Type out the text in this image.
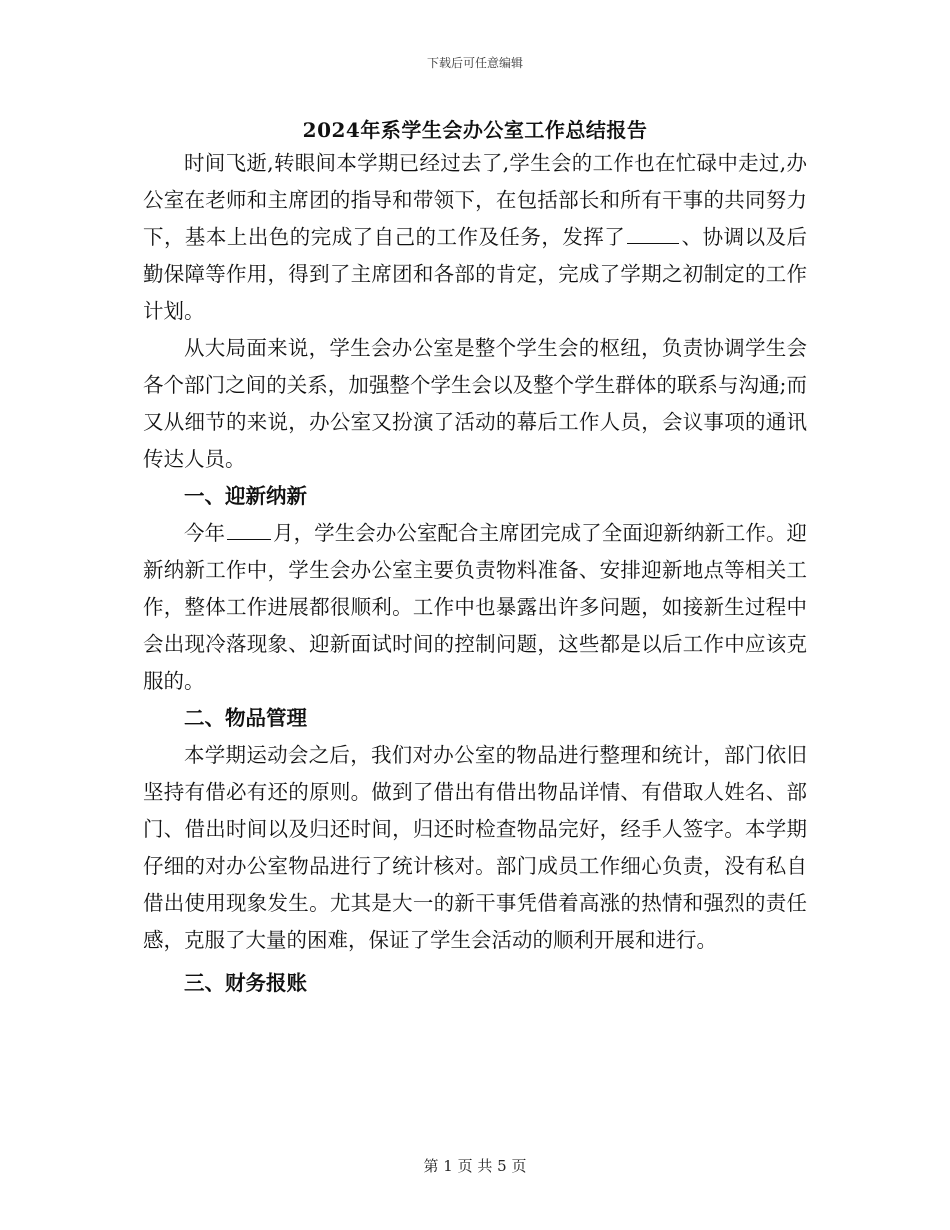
下载后可任意编辑
2024年系学生会办公室工作总结报告

时间飞逝,转眼间本学期已经过去了,学生会的工作也在忙碌中走过,办公室在老师和主席团的指导和带领下，在包括部长和所有干事的共同努力下，基本上出色的完成了自己的工作及任务，发挥了	、协调以及后勤保障等作用，得到了主席团和各部的肯定，完成了学期之初制定的工作计划。

从大局面来说，学生会办公室是整个学生会的枢纽，负责协调学生会各个部门之间的关系，加强整个学生会以及整个学生群体的联系与沟通;而又从细节的来说，办公室又扮演了活动的幕后工作人员，会议事项的通讯传达人员。

一、迎新纳新

今年 月，学生会办公室配合主席团完成了全面迎新纳新工作。迎新纳新工作中，学生会办公室主要负责物料准备、安排迎新地点等相关工作，整体工作进展都很顺利。工作中也暴露出许多问题，如接新生过程中会出现冷落现象、迎新面试时间的控制问题，这些都是以后工作中应该克服的。

二、物品管理

本学期运动会之后，我们对办公室的物品进行整理和统计，部门依旧坚持有借必有还的原则。做到了借出有借出物品详情、有借取人姓名、部门、借出时间以及归还时间，归还时检查物品完好，经手人签字。本学期仔细的对办公室物品进行了统计核对。部门成员工作细心负责，没有私自借出使用现象发生。尤其是大一的新干事凭借着高涨的热情和强烈的责任感，克服了大量的困难，保证了学生会活动的顺利开展和进行。

三、财务报账

第 1 页 共 5 页
